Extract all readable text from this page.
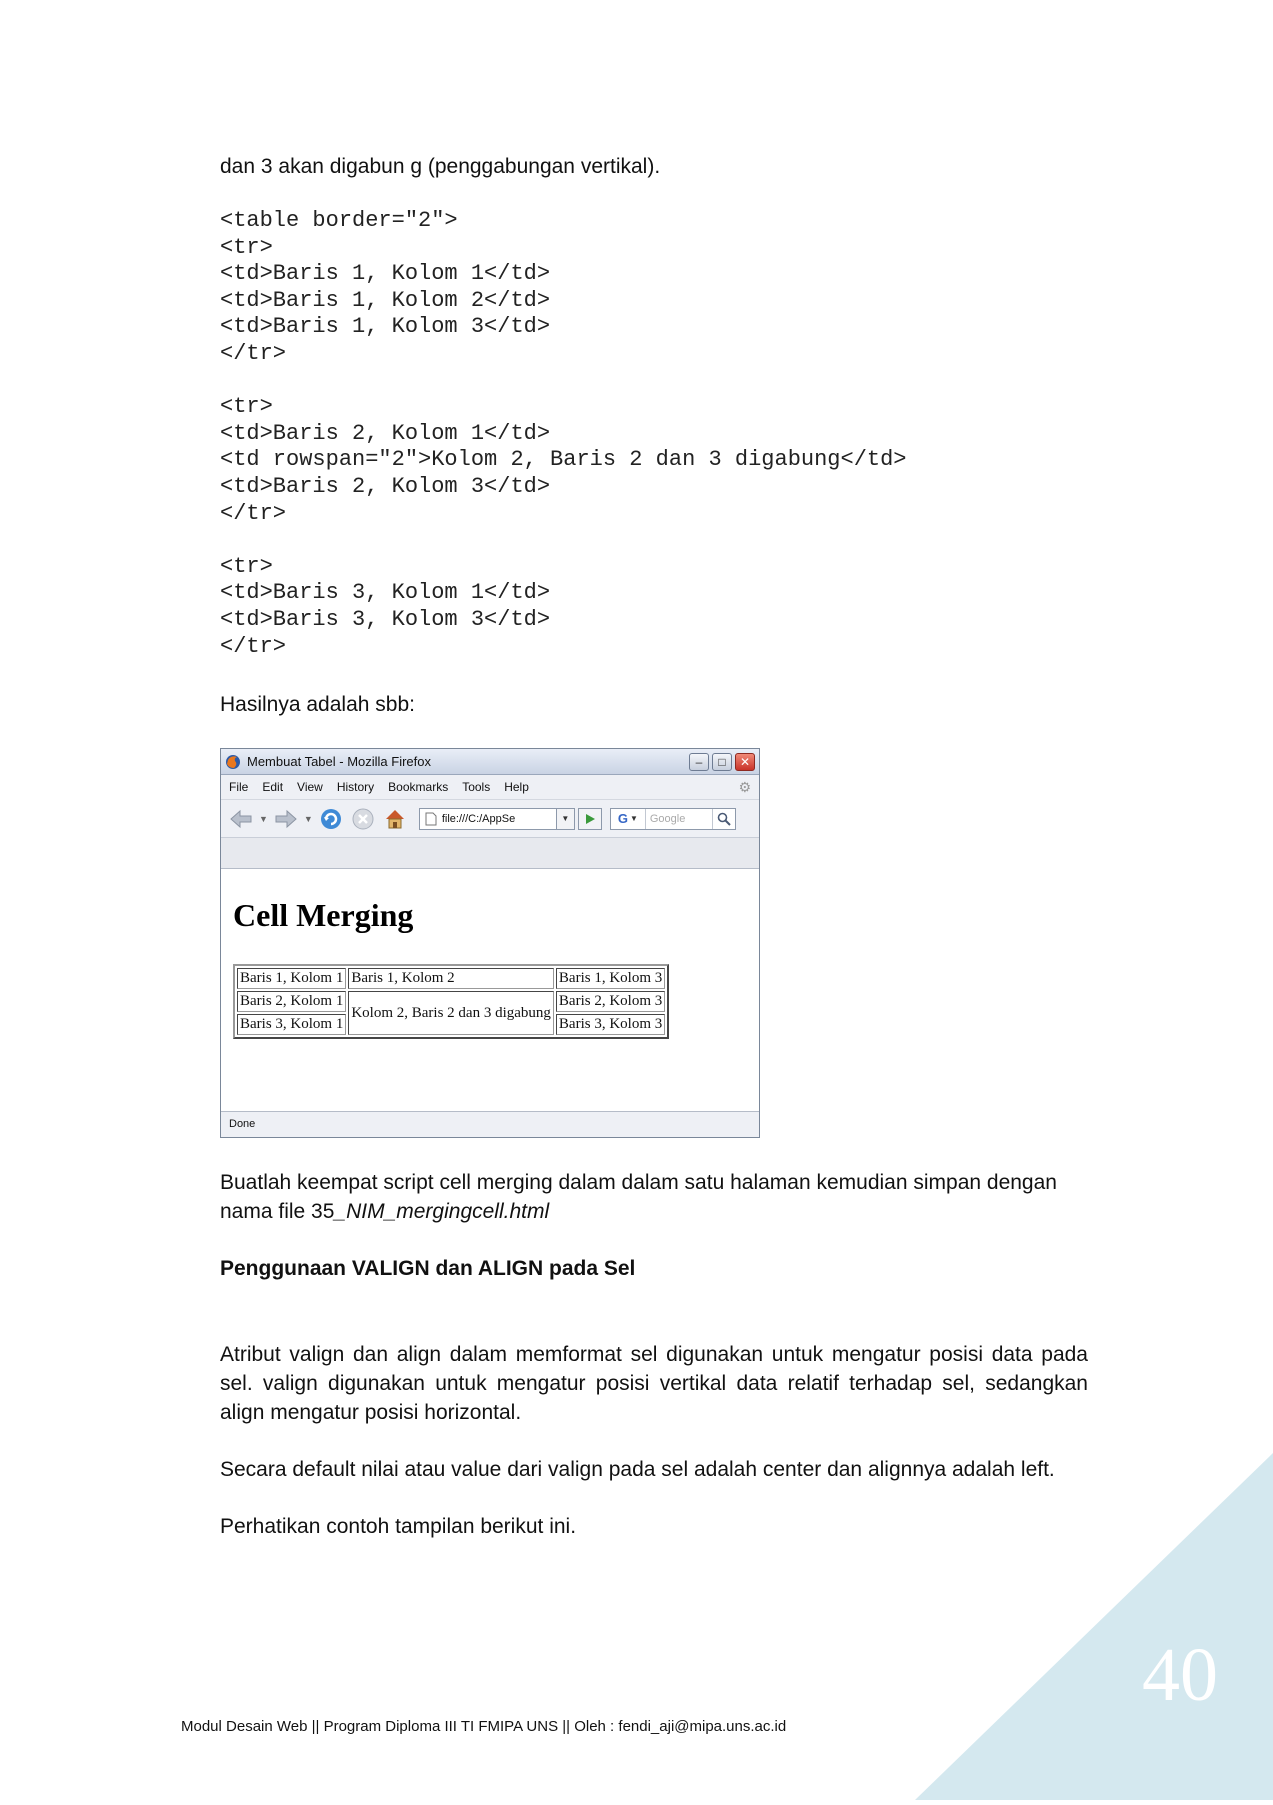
dan 3 akan digabun g (penggabungan vertikal).
<table border="2">
<tr>
<td>Baris 1, Kolom 1</td>
<td>Baris 1, Kolom 2</td>
<td>Baris 1, Kolom 3</td>
</tr>

<tr>
<td>Baris 2, Kolom 1</td>
<td rowspan="2">Kolom 2, Baris 2 dan 3 digabung</td>
<td>Baris 2, Kolom 3</td>
</tr>

<tr>
<td>Baris 3, Kolom 1</td>
<td>Baris 3, Kolom 3</td>
</tr>
Hasilnya adalah sbb:
Membuat Tabel - Mozilla Firefox	–	□	✕
File Edit View History Bookmarks Tools Help	⚙
▼	▼	file:///C:/AppSe	▼	G ▼ Google
Cell Merging
Baris 1, Kolom 1	Baris 1, Kolom 2	Baris 1, Kolom 3
Baris 2, Kolom 1	Kolom 2, Baris 2 dan 3 digabung	Baris 2, Kolom 3
Baris 3, Kolom 1		Baris 3, Kolom 3
Done
Buatlah keempat script cell merging dalam dalam satu halaman kemudian simpan dengan nama file 35_NIM_mergingcell.html
Penggunaan VALIGN dan ALIGN pada Sel
Atribut valign dan align dalam memformat sel digunakan untuk mengatur posisi data pada sel. valign digunakan untuk mengatur posisi vertikal data relatif terhadap sel, sedangkan align mengatur posisi horizontal.
Secara default nilai atau value dari valign pada sel adalah center dan alignnya adalah left.
Perhatikan contoh tampilan berikut ini.
40
Modul Desain Web || Program Diploma III TI FMIPA UNS || Oleh : fendi_aji@mipa.uns.ac.id
